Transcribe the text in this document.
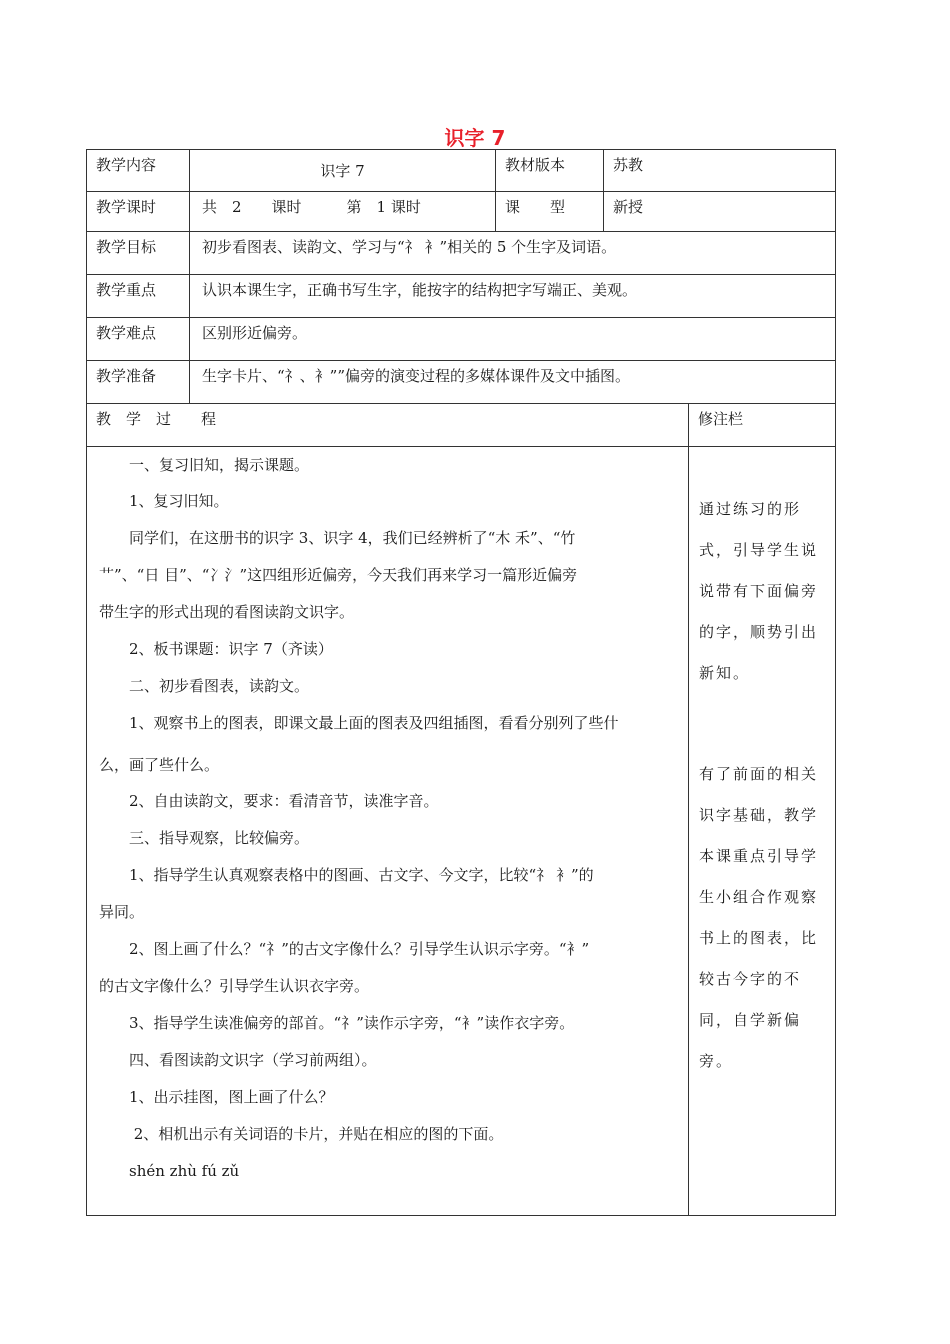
识字 7
教学内容	识字 7	教材版本	苏教
教学课时	共　2　　课时　　　第　1 课时	课　　型	新授
教学目标	初步看图表、读韵文、学习与“礻 衤”相关的 5 个生字及词语。
教学重点	认识本课生字，正确书写生字，能按字的结构把字写端正、美观。
教学难点	区别形近偏旁。
教学准备	生字卡片、“礻、衤””偏旁的演变过程的多媒体课件及文中插图。
教　学　过　　程	修注栏

一、复习旧知，揭示课题。

1、复习旧知。

同学们，在这册书的识字 3、识字 4，我们已经辨析了“木 禾”、“竹

艹”、“日 目”、“冫氵”这四组形近偏旁，今天我们再来学习一篇形近偏旁

带生字的形式出现的看图读韵文识字。

2、板书课题：识字 7（齐读）

二、初步看图表，读韵文。

1、观察书上的图表，即课文最上面的图表及四组插图，看看分别列了些什

么，画了些什么。

2、自由读韵文，要求：看清音节，读准字音。

三、指导观察，比较偏旁。

1、指导学生认真观察表格中的图画、古文字、今文字，比较“礻 衤”的

异同。

2、图上画了什么？“礻”的古文字像什么？引导学生认识示字旁。“衤”

的古文字像什么？引导学生认识衣字旁。

3、指导学生读准偏旁的部首。“礻”读作示字旁，“衤”读作衣字旁。

四、看图读韵文识字（学习前两组）。

1、出示挂图，图上画了什么？

2、相机出示有关词语的卡片，并贴在相应的图的下面。

shén zhù fú zǔ

通过练习的形

式，引导学生说

说带有下面偏旁

的字，顺势引出

新知。

有了前面的相关

识字基础，教学

本课重点引导学

生小组合作观察

书上的图表，比

较古今字的不

同，自学新偏

旁。
